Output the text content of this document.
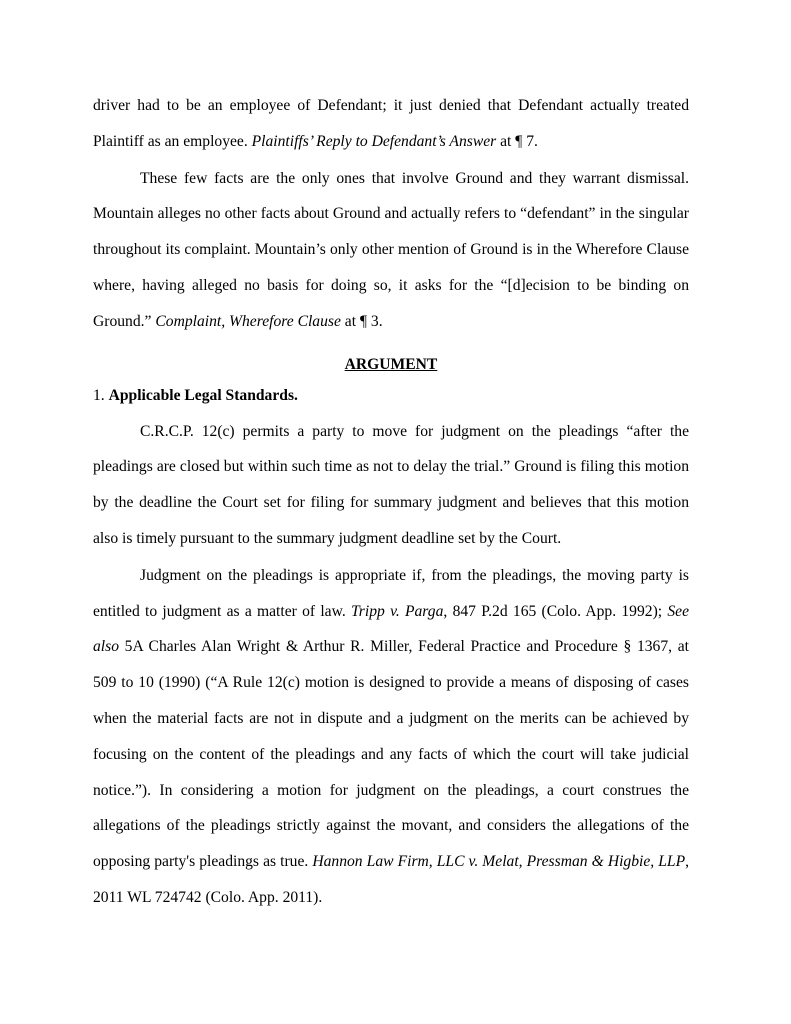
driver had to be an employee of Defendant; it just denied that Defendant actually treated Plaintiff as an employee. Plaintiffs’ Reply to Defendant’s Answer at ¶ 7.

These few facts are the only ones that involve Ground and they warrant dismissal. Mountain alleges no other facts about Ground and actually refers to “defendant” in the singular throughout its complaint. Mountain’s only other mention of Ground is in the Wherefore Clause where, having alleged no basis for doing so, it asks for the “[d]ecision to be binding on Ground.” Complaint, Wherefore Clause at ¶ 3.

ARGUMENT

1. Applicable Legal Standards.

C.R.C.P. 12(c) permits a party to move for judgment on the pleadings “after the pleadings are closed but within such time as not to delay the trial.” Ground is filing this motion by the deadline the Court set for filing for summary judgment and believes that this motion also is timely pursuant to the summary judgment deadline set by the Court.

Judgment on the pleadings is appropriate if, from the pleadings, the moving party is entitled to judgment as a matter of law. Tripp v. Parga, 847 P.2d 165 (Colo. App. 1992); See also 5A Charles Alan Wright & Arthur R. Miller, Federal Practice and Procedure § 1367, at 509 to 10 (1990) (“A Rule 12(c) motion is designed to provide a means of disposing of cases when the material facts are not in dispute and a judgment on the merits can be achieved by focusing on the content of the pleadings and any facts of which the court will take judicial notice.”). In considering a motion for judgment on the pleadings, a court construes the allegations of the pleadings strictly against the movant, and considers the allegations of the opposing party's pleadings as true. Hannon Law Firm, LLC v. Melat, Pressman & Higbie, LLP, 2011 WL 724742 (Colo. App. 2011).
